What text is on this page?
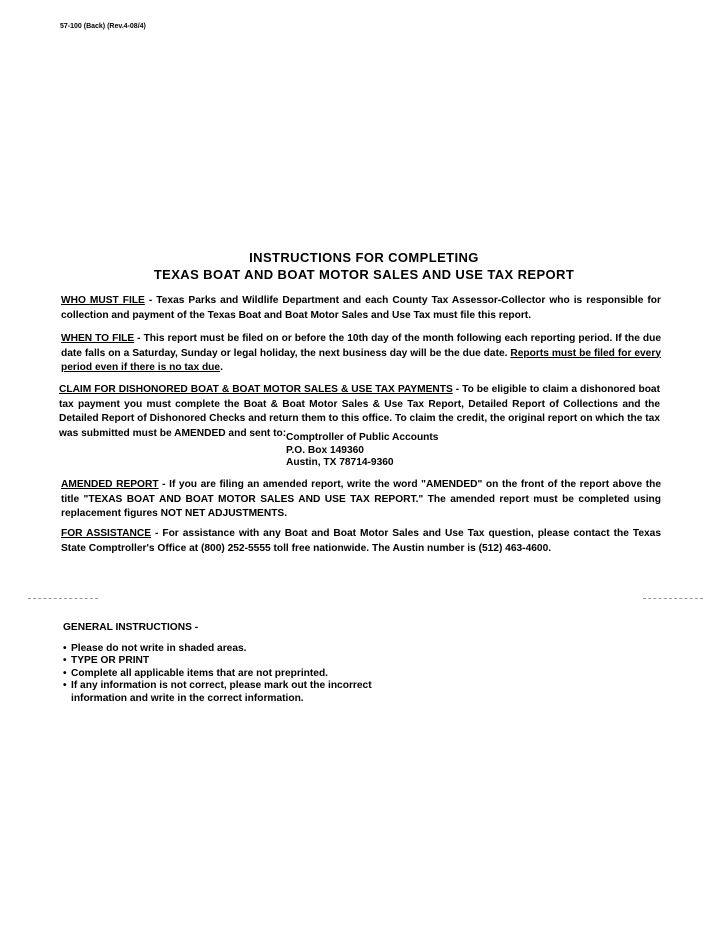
57-100 (Back) (Rev.4-08/4)
INSTRUCTIONS FOR COMPLETING
TEXAS BOAT AND BOAT MOTOR SALES AND USE TAX REPORT
WHO MUST FILE - Texas Parks and Wildlife Department and each County Tax Assessor-Collector who is responsible for collection and payment of the Texas Boat and Boat Motor Sales and Use Tax must file this report.
WHEN TO FILE - This report must be filed on or before the 10th day of the month following each reporting period. If the due date falls on a Saturday, Sunday or legal holiday, the next business day will be the due date. Reports must be filed for every period even if there is no tax due.
CLAIM FOR DISHONORED BOAT & BOAT MOTOR SALES & USE TAX PAYMENTS - To be eligible to claim a dishonored boat tax payment you must complete the Boat & Boat Motor Sales & Use Tax Report, Detailed Report of Collections and the Detailed Report of Dishonored Checks and return them to this office. To claim the credit, the original report on which the tax was submitted must be AMENDED and sent to: Comptroller of Public Accounts
P.O. Box 149360
Austin, TX 78714-9360
AMENDED REPORT - If you are filing an amended report, write the word "AMENDED" on the front of the report above the title "TEXAS BOAT AND BOAT MOTOR SALES AND USE TAX REPORT." The amended report must be completed using replacement figures NOT NET ADJUSTMENTS.
FOR ASSISTANCE - For assistance with any Boat and Boat Motor Sales and Use Tax question, please contact the Texas State Comptroller's Office at (800) 252-5555 toll free nationwide. The Austin number is (512) 463-4600.
GENERAL INSTRUCTIONS -
• Please do not write in shaded areas.
• TYPE OR PRINT
• Complete all applicable items that are not preprinted.
• If any information is not correct, please mark out the incorrect
information and write in the correct information.
